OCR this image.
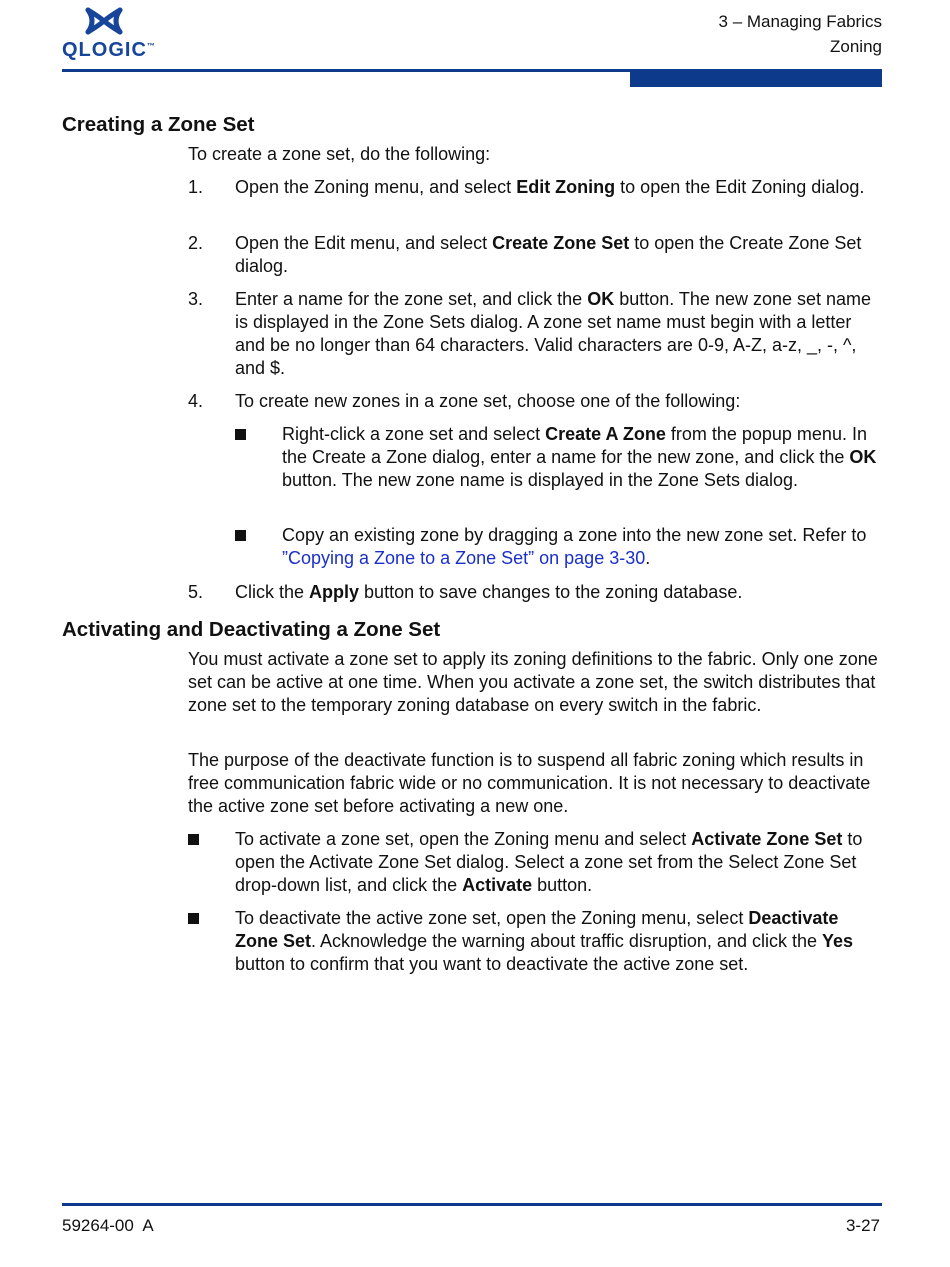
QLOGIC™
3 – Managing Fabrics
Zoning
Creating a Zone Set

To create a zone set, do the following:

1. Open the Zoning menu, and select Edit Zoning to open the Edit Zoning dialog.
2. Open the Edit menu, and select Create Zone Set to open the Create Zone Set dialog.
3. Enter a name for the zone set, and click the OK button. The new zone set name is displayed in the Zone Sets dialog. A zone set name must begin with a letter and be no longer than 64 characters. Valid characters are 0-9, A-Z, a-z, _, -, ^, and $.
4. To create new zones in a zone set, choose one of the following:
Right-click a zone set and select Create A Zone from the popup menu. In the Create a Zone dialog, enter a name for the new zone, and click the OK button. The new zone name is displayed in the Zone Sets dialog.
Copy an existing zone by dragging a zone into the new zone set. Refer to ”Copying a Zone to a Zone Set” on page 3-30.
5. Click the Apply button to save changes to the zoning database.
Activating and Deactivating a Zone Set

You must activate a zone set to apply its zoning definitions to the fabric. Only one zone set can be active at one time. When you activate a zone set, the switch distributes that zone set to the temporary zoning database on every switch in the fabric.

The purpose of the deactivate function is to suspend all fabric zoning which results in free communication fabric wide or no communication. It is not necessary to deactivate the active zone set before activating a new one.

To activate a zone set, open the Zoning menu and select Activate Zone Set to open the Activate Zone Set dialog. Select a zone set from the Select Zone Set drop-down list, and click the Activate button.
To deactivate the active zone set, open the Zoning menu, select Deactivate Zone Set. Acknowledge the warning about traffic disruption, and click the Yes button to confirm that you want to deactivate the active zone set.
59264-00  A	3-27
